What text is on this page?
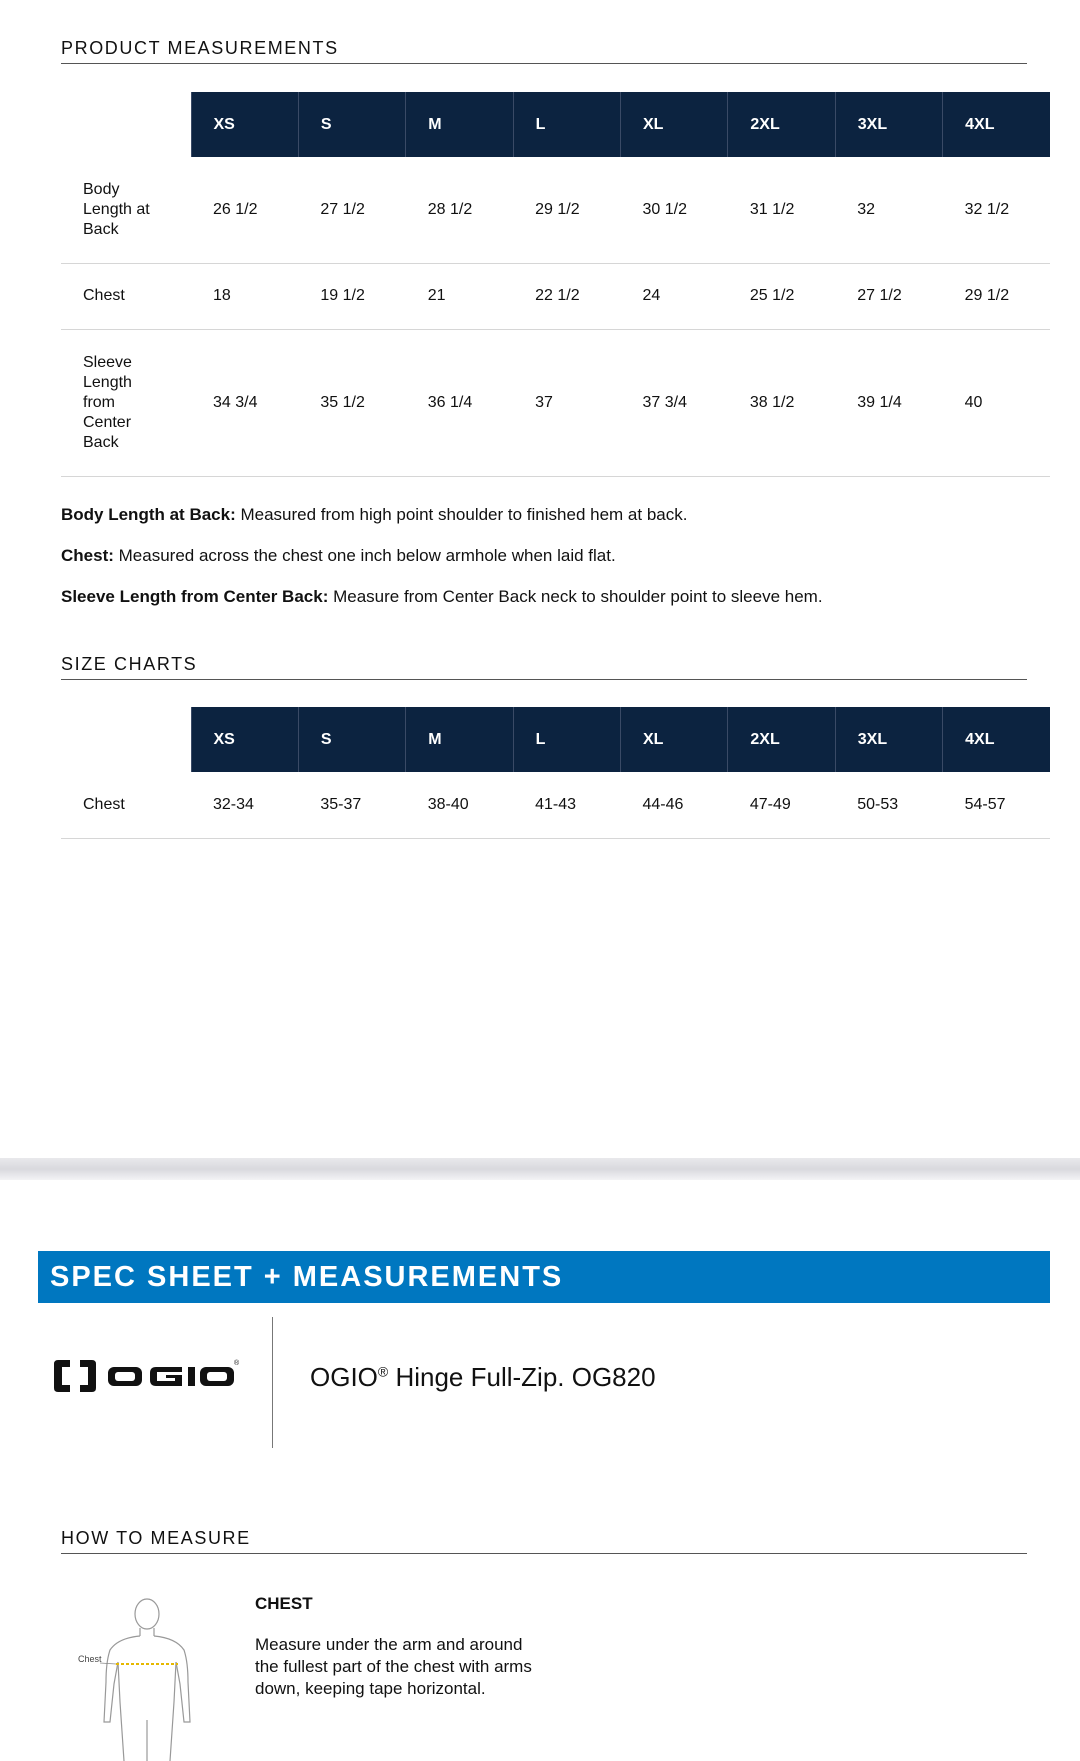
PRODUCT MEASUREMENTS
	XS	S	M	L	XL	2XL	3XL	4XL

Body
Length at
Back	26 1/2	27 1/2	28 1/2	29 1/2	30 1/2	31 1/2	32	32 1/2

Chest	18	19 1/2	21	22 1/2	24	25 1/2	27 1/2	29 1/2

Sleeve
Length
from
Center
Back	34 3/4	35 1/2	36 1/4	37	37 3/4	38 1/2	39 1/4	40
Body Length at Back: Measured from high point shoulder to finished hem at back.
Chest: Measured across the chest one inch below armhole when laid flat.
Sleeve Length from Center Back: Measure from Center Back neck to shoulder point to sleeve hem.
SIZE CHARTS
	XS	S	M	L	XL	2XL	3XL	4XL

Chest	32-34	35-37	38-40	41-43	44-46	47-49	50-53	54-57
SPEC SHEET + MEASUREMENTS
®	OGIO® Hinge Full-Zip. OG820
HOW TO MEASURE
Chest
CHEST
Measure under the arm and around the fullest part of the chest with arms down, keeping tape horizontal.
